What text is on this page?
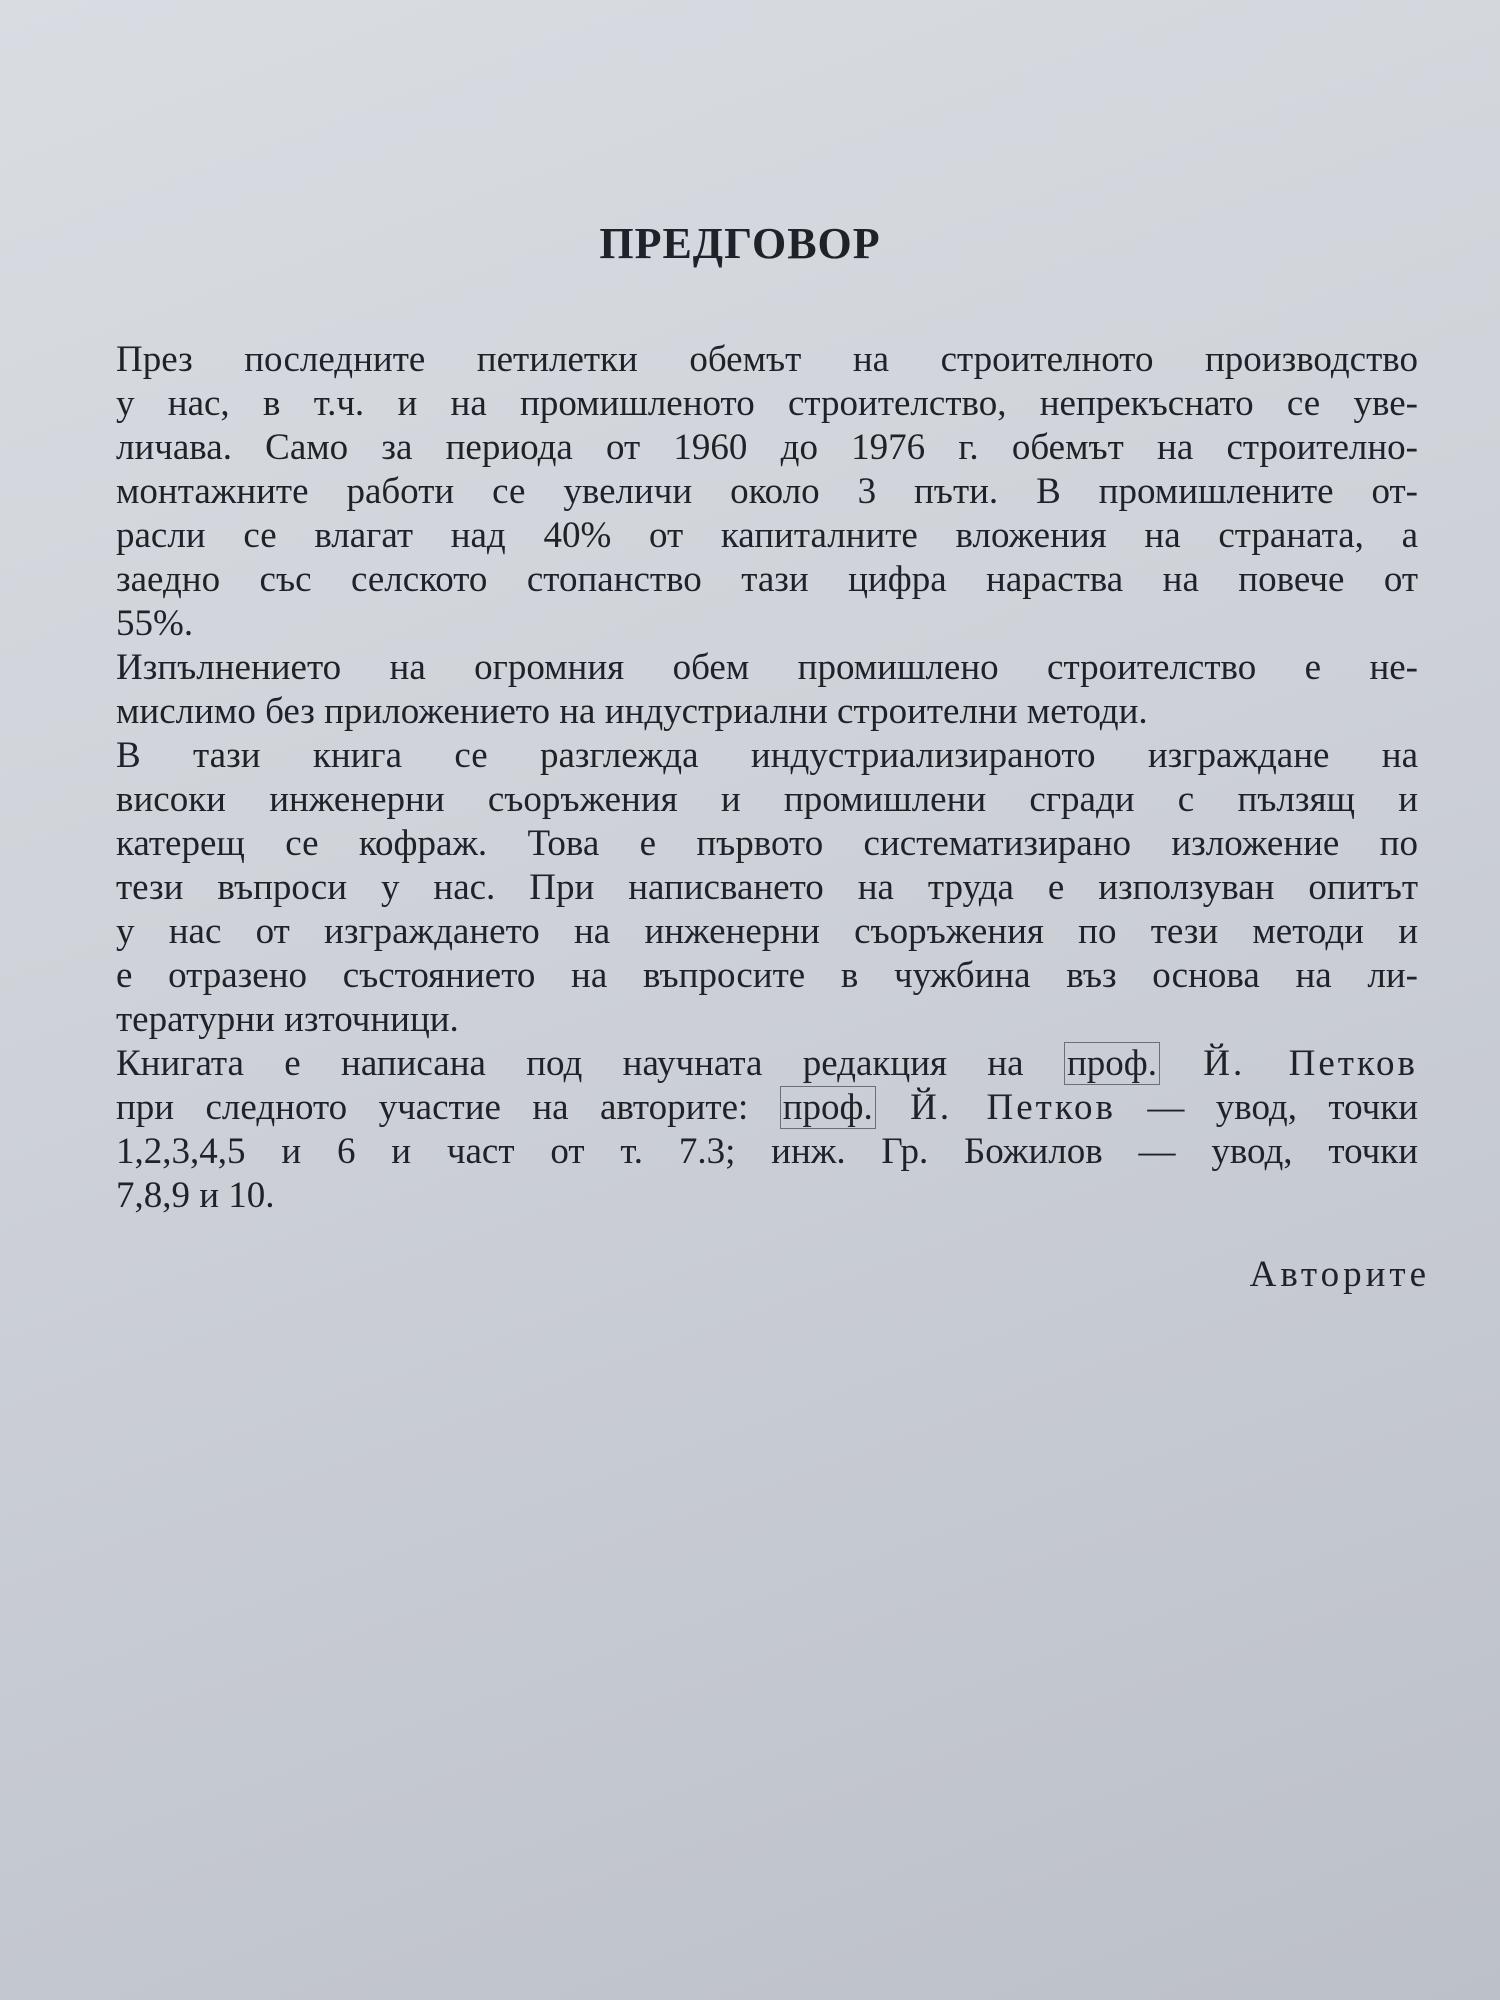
ПРЕДГОВОР

През последните петилетки обемът на строителното производство
у нас, в т.ч. и на промишленото строителство, непрекъснато се уве-
личава. Само за периода от 1960 до 1976 г. обемът на строително-
монтажните работи се увеличи около 3 пъти. В промишлените от-
расли се влагат над 40% от капиталните вложения на страната, а
заедно със селското стопанство тази цифра нараства на повече от
55%.

Изпълнението на огромния обем промишлено строителство е не-
мислимо без приложението на индустриални строителни методи.

В тази книга се разглежда индустриализираното изграждане на
високи инженерни съоръжения и промишлени сгради с пълзящ и
катерещ се кофраж. Това е първото систематизирано изложение по
тези въпроси у нас. При написването на труда е използуван опитът
у нас от изграждането на инженерни съоръжения по тези методи и
е отразено състоянието на въпросите в чужбина въз основа на ли-
тературни източници.

Книгата е написана под научната редакция на проф. Й. Петков
при следното участие на авторите: проф. Й. Петков — увод, точки
1,2,3,4,5 и 6 и част от т. 7.3; инж. Гр. Божилов — увод, точки
7,8,9 и 10.

Авторите
